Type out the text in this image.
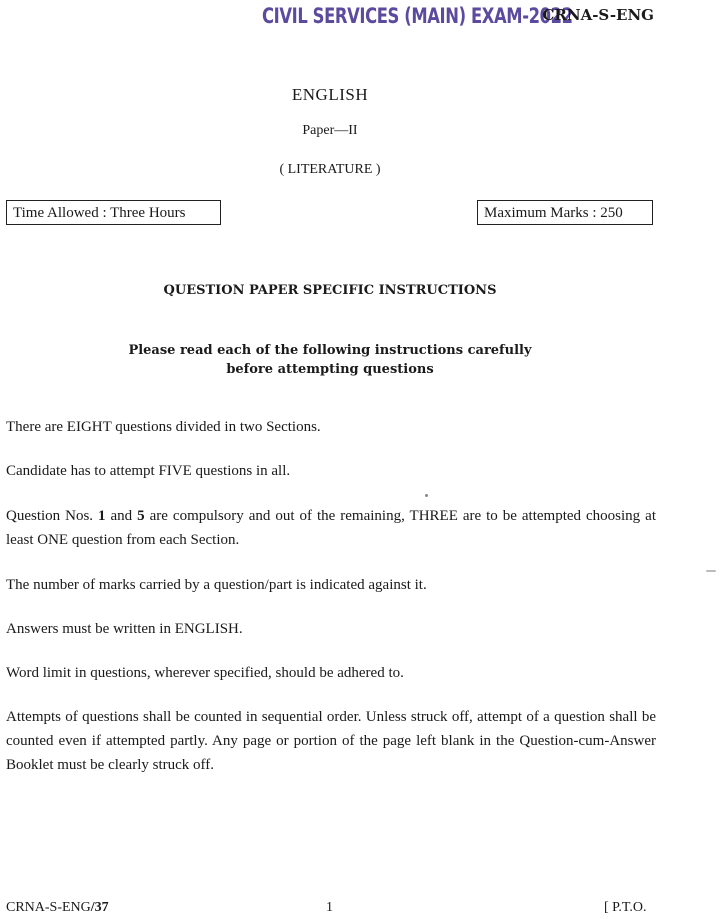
CIVIL SERVICES (MAIN) EXAM-2022
CRNA-S-ENG
ENGLISH
Paper—II
( LITERATURE )
Time Allowed : Three Hours	Maximum Marks : 250
QUESTION PAPER SPECIFIC INSTRUCTIONS
Please read each of the following instructions carefully
before attempting questions
There are EIGHT questions divided in two Sections.
Candidate has to attempt FIVE questions in all.
Question Nos. 1 and 5 are compulsory and out of the remaining, THREE are to be attempted choosing at least ONE question from each Section.
The number of marks carried by a question/part is indicated against it.
Answers must be written in ENGLISH.
Word limit in questions, wherever specified, should be adhered to.
Attempts of questions shall be counted in sequential order. Unless struck off, attempt of a question shall be counted even if attempted partly. Any page or portion of the page left blank in the Question-cum-Answer Booklet must be clearly struck off.
CRNA-S-ENG/37	1	[ P.T.O.
